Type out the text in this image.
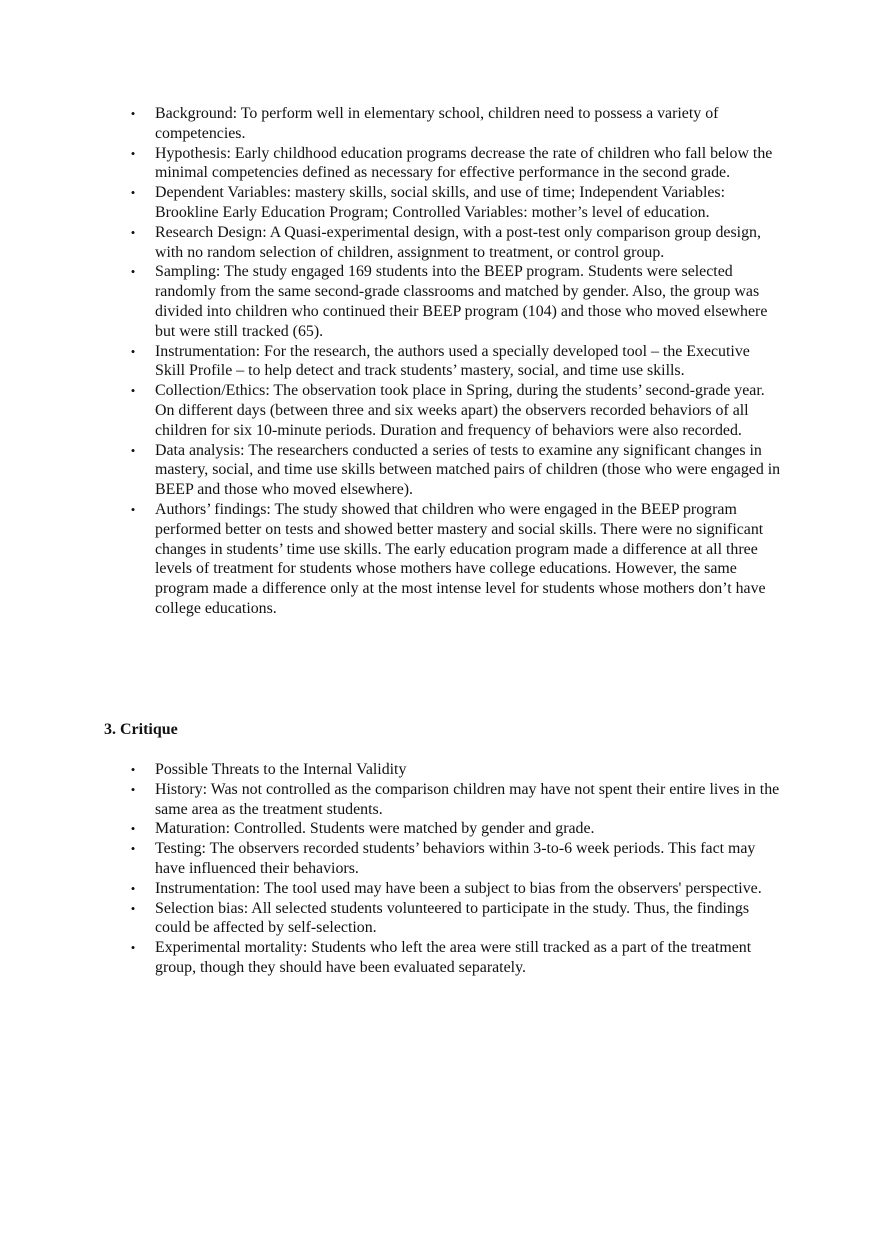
• Background: To perform well in elementary school, children need to possess a variety of competencies.
• Hypothesis: Early childhood education programs decrease the rate of children who fall below the minimal competencies defined as necessary for effective performance in the second grade.
• Dependent Variables: mastery skills, social skills, and use of time; Independent Variables: Brookline Early Education Program; Controlled Variables: mother’s level of education.
• Research Design: A Quasi-experimental design, with a post-test only comparison group design, with no random selection of children, assignment to treatment, or control group.
• Sampling: The study engaged 169 students into the BEEP program. Students were selected randomly from the same second-grade classrooms and matched by gender. Also, the group was divided into children who continued their BEEP program (104) and those who moved elsewhere but were still tracked (65).
• Instrumentation: For the research, the authors used a specially developed tool – the Executive Skill Profile – to help detect and track students’ mastery, social, and time use skills.
• Collection/Ethics: The observation took place in Spring, during the students’ second-grade year. On different days (between three and six weeks apart) the observers recorded behaviors of all children for six 10-minute periods. Duration and frequency of behaviors were also recorded.
• Data analysis: The researchers conducted a series of tests to examine any significant changes in mastery, social, and time use skills between matched pairs of children (those who were engaged in BEEP and those who moved elsewhere).
• Authors’ findings: The study showed that children who were engaged in the BEEP program performed better on tests and showed better mastery and social skills. There were no significant changes in students’ time use skills. The early education program made a difference at all three levels of treatment for students whose mothers have college educations. However, the same program made a difference only at the most intense level for students whose mothers don’t have college educations.
3. Critique
• Possible Threats to the Internal Validity
• History: Was not controlled as the comparison children may have not spent their entire lives in the same area as the treatment students.
• Maturation: Controlled. Students were matched by gender and grade.
• Testing: The observers recorded students’ behaviors within 3-to-6 week periods. This fact may have influenced their behaviors.
• Instrumentation: The tool used may have been a subject to bias from the observers' perspective.
• Selection bias: All selected students volunteered to participate in the study. Thus, the findings could be affected by self-selection.
• Experimental mortality: Students who left the area were still tracked as a part of the treatment group, though they should have been evaluated separately.
